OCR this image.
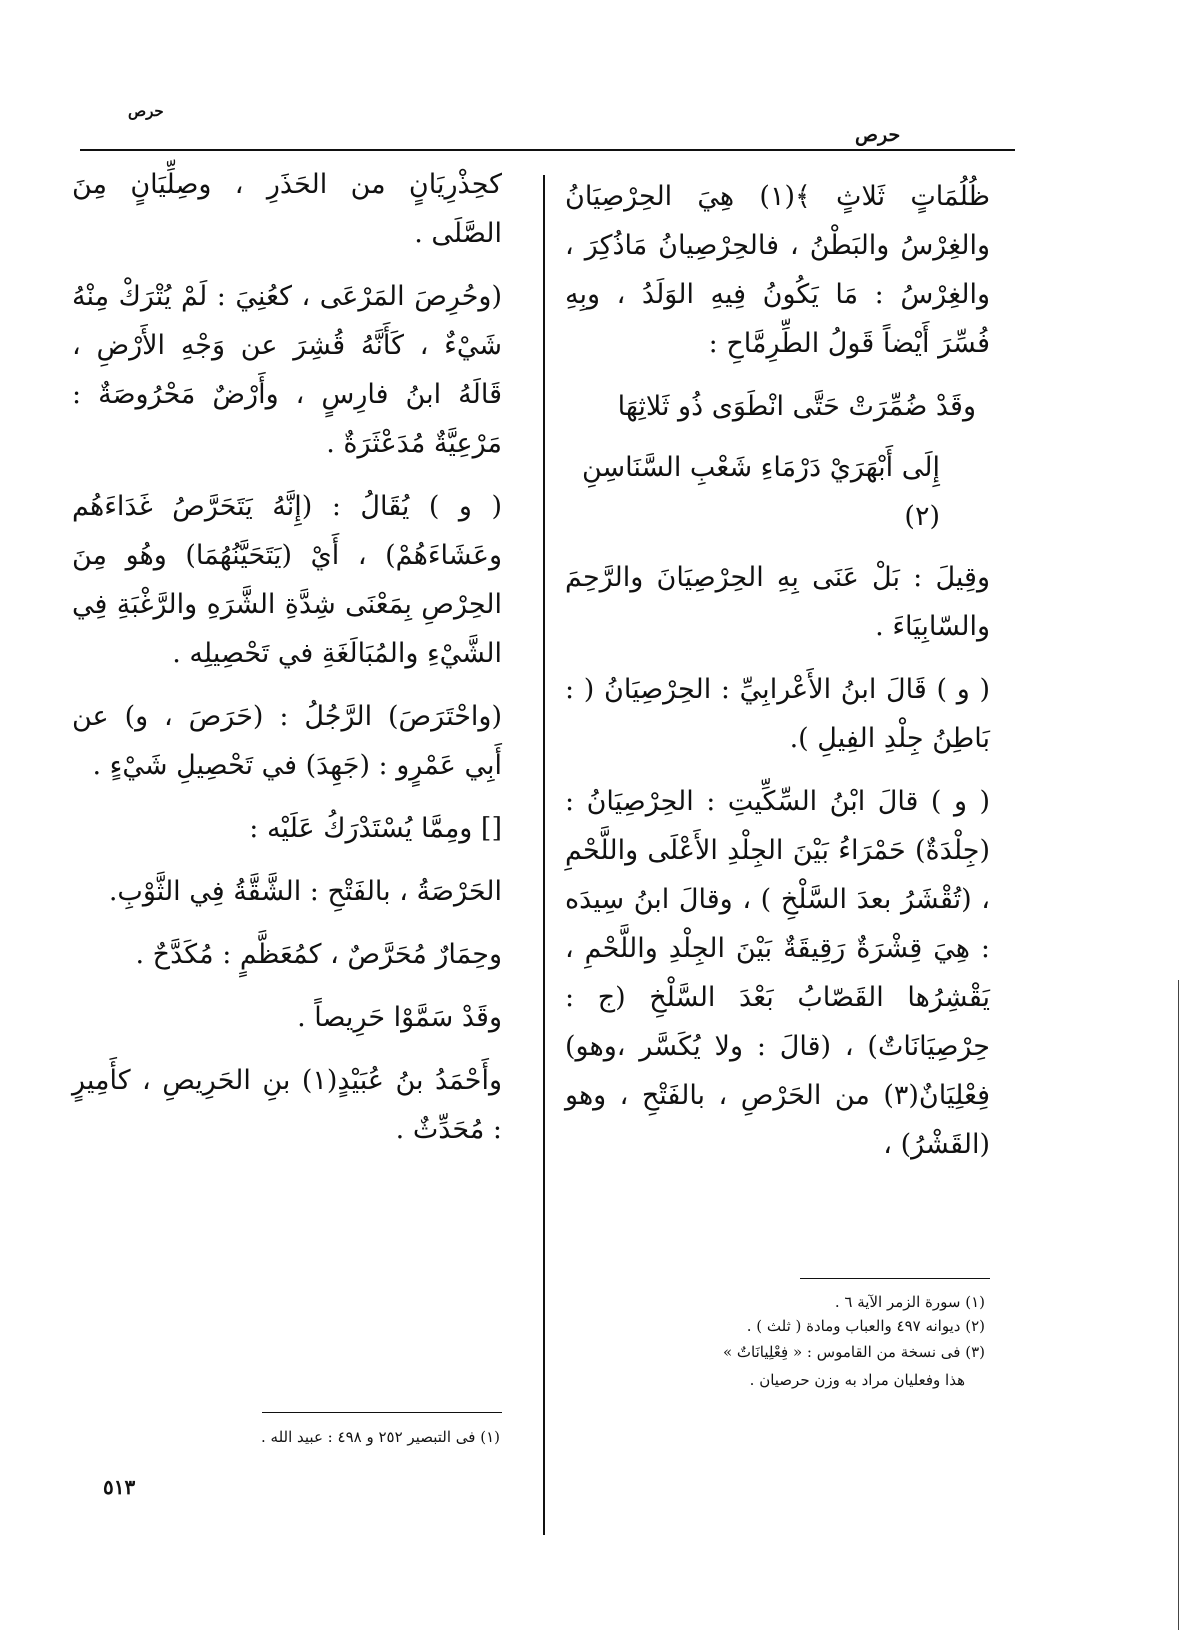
حرص
حرص

ظُلُمَاتٍ ثَلاثٍ ﴾(١) هِيَ الحِرْصِيَانُ والغِرْسُ والبَطْنُ ، فالحِرْصِيانُ مَاذُكِرَ ، والغِرْسُ : مَا يَكُونُ فِيهِ الوَلَدُ ، وبِهِ فُسِّرَ أَيْضاً قَولُ الطِّرِمَّاحِ :

وقَدْ ضُمِّرَتْ حَتَّى انْطَوَى ذُو ثَلاثِهَا
إِلَى أَبْهَرَيْ دَرْمَاءِ شَعْبِ السَّنَاسِنِ (٢)

وقِيلَ : بَلْ عَنَى بِهِ الحِرْصِيَانَ والرَّحِمَ والسّابِيَاءَ .

( و ) قَالَ ابنُ الأَعْرابِيِّ : الحِرْصِيَانُ ( : بَاطِنُ جِلْدِ الفِيلِ ).

( و ) قالَ ابْنُ السِّكِّيتِ : الحِرْصِيَانُ : (جِلْدَةٌ) حَمْرَاءُ بَيْنَ الجِلْدِ الأَعْلَى واللَّحْمِ ، (تُقْشَرُ بعدَ السَّلْخِ ) ، وقالَ ابنُ سِيدَه : هِيَ قِشْرَةٌ رَقِيقَةٌ بَيْنَ الجِلْدِ واللَّحْمِ ، يَقْشِرُها القَصّابُ بَعْدَ السَّلْخِ (ج : حِرْصِيَانَاتٌ) ، (قالَ : ولا يُكَسَّر ،وهو) فِعْلِيَانٌ(٣) من الحَرْصِ ، بالفَتْحِ ، وهو (القَشْرُ) ،

كحِذْرِيَانٍ من الحَذَرِ ، وصِلِّيَانٍ مِنَ الصَّلَى .

(وحُرِصَ المَرْعَى ، كعُنِيَ : لَمْ يُتْرَكْ مِنْهُ شَيْءٌ ، كَأَنَّهُ قُشِرَ عن وَجْهِ الأَرْضِ ، قَالَهُ ابنُ فارِسٍ ، وأَرْضٌ مَحْرُوصَةٌ : مَرْعِيَّةٌ مُدَعْثَرَةٌ .

( و ) يُقَالُ : (إِنَّهُ يَتَحَرَّصُ غَدَاءَهُم وعَشَاءَهُمْ) ، أَيْ (يَتَحَيَّنُهُمَا) وهُو مِنَ الحِرْصِ بِمَعْنَى شِدَّةِ الشَّرَهِ والرَّغْبَةِ فِي الشَّيْءِ والمُبَالَغَةِ في تَحْصِيلِه .

(واحْتَرَصَ) الرَّجُلُ : (حَرَصَ ، و) عن أَبِي عَمْرٍو : (جَهِدَ) في تَحْصِيلِ شَيْءٍ .

[] ومِمَّا يُسْتَدْرَكُ عَلَيْه :

الحَرْصَةُ ، بالفَتْحِ : الشَّقَّةُ فِي الثَّوْبِ.

وحِمَارٌ مُحَرَّصٌ ، كمُعَظَّمٍ : مُكَدَّحٌ .

وقَدْ سَمَّوْا حَرِيصاً .

وأَحْمَدُ بنُ عُبَيْدٍ(١) بنِ الحَرِيصِ ، كأَمِيرٍ : مُحَدِّثٌ .

(١) سورة الزمر الآية ٦ .
(٢) ديوانه ٤٩٧ والعباب ومادة ( ثلث ) .
(٣) فى نسخة من القاموس : « فِعْلِيانَاتٌ »
هذا وفعليان مراد به وزن حرصيان .
(١) فى التبصير ٢٥٢ و ٤٩٨ : عبيد الله .
٥١٣
